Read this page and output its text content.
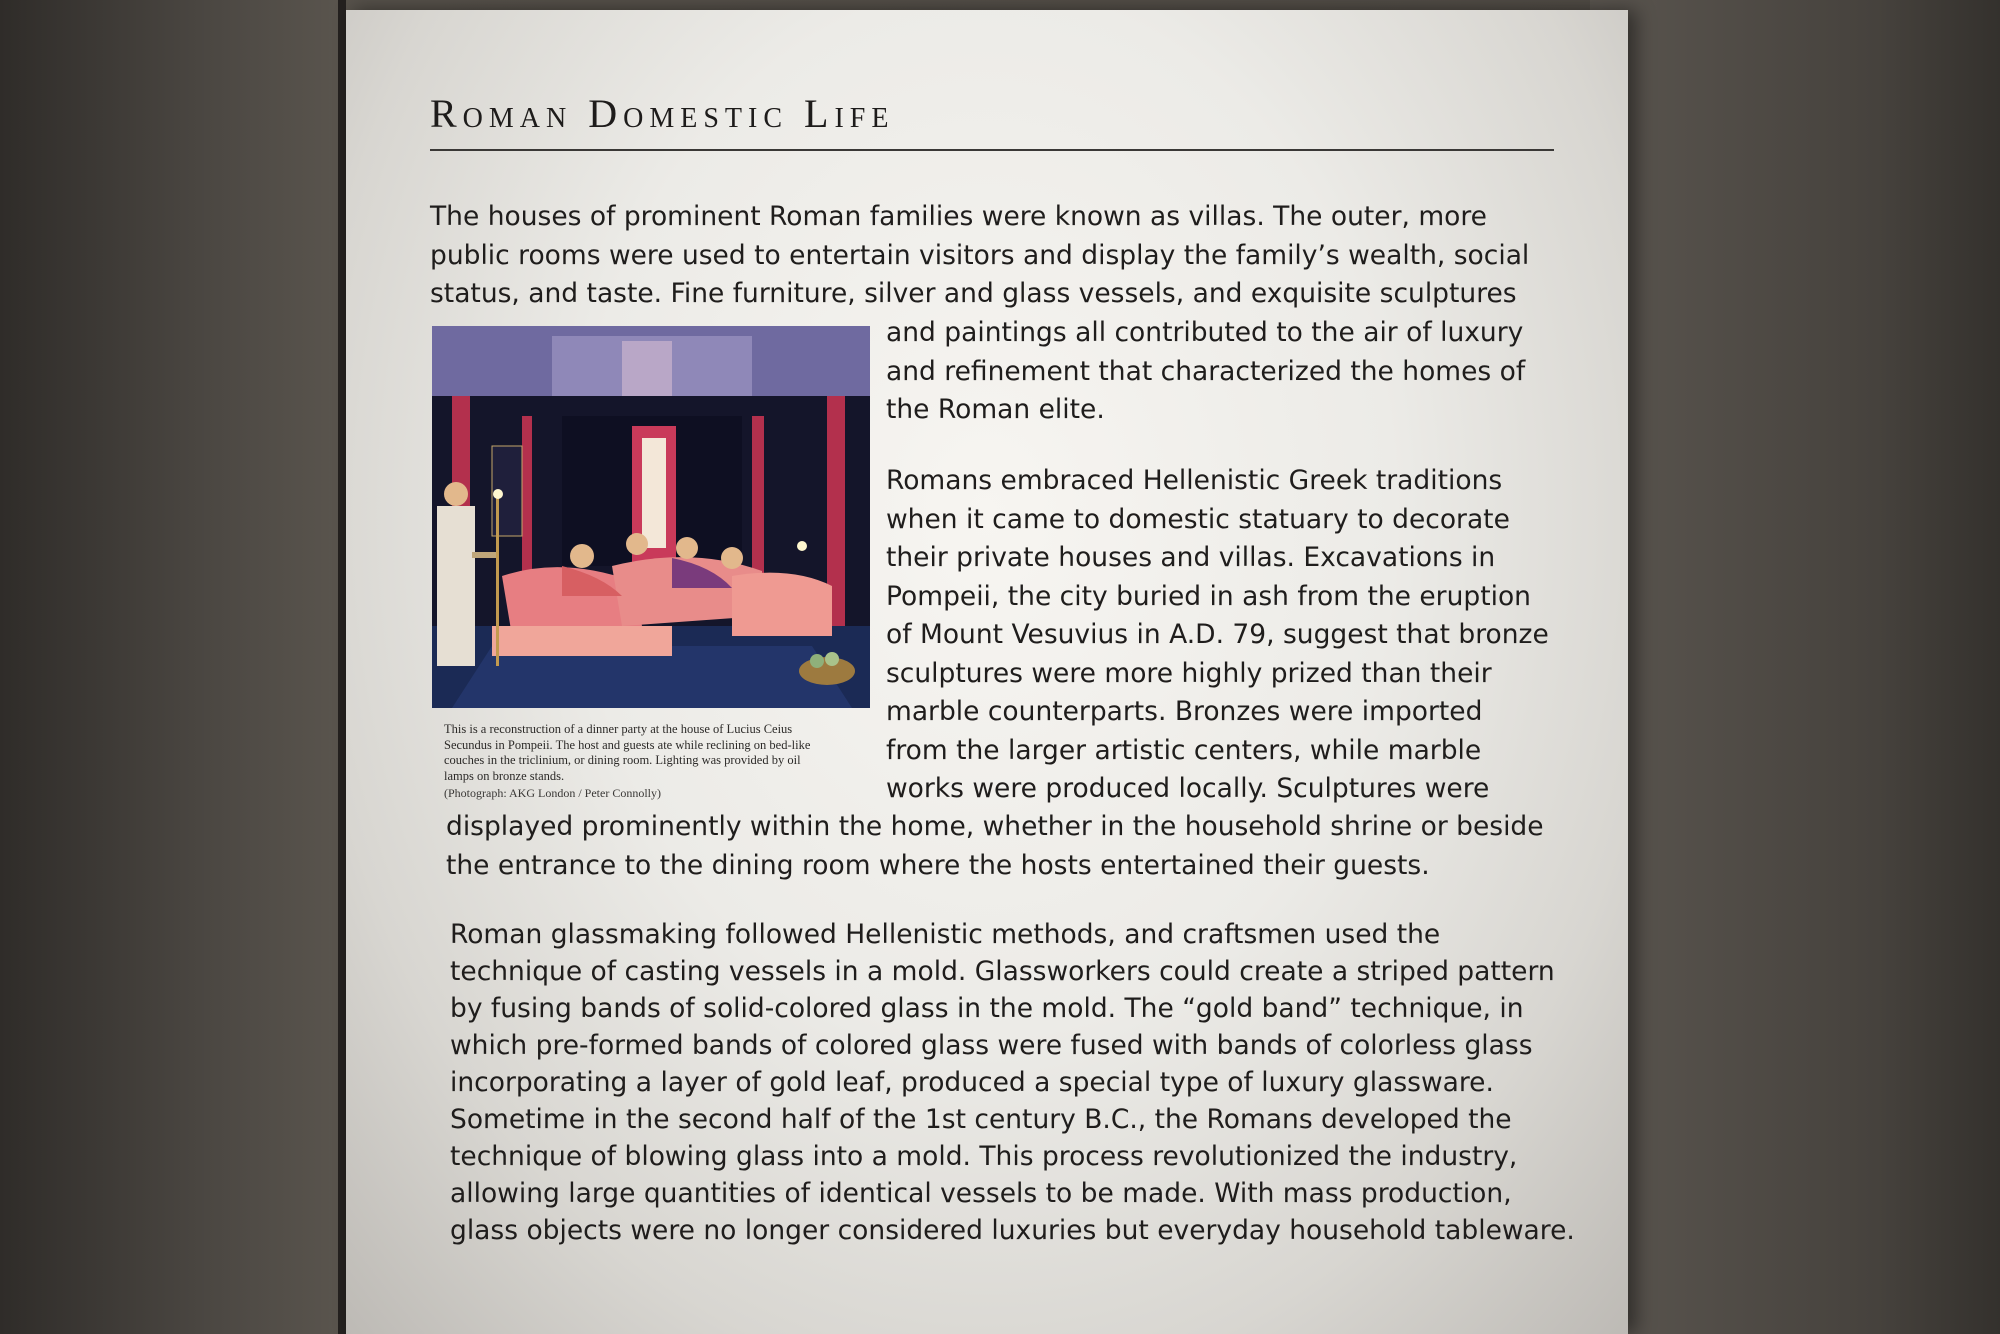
Roman Domestic Life

The houses of prominent Roman families were known as villas. The outer, more
public rooms were used to entertain visitors and display the family’s wealth, social
status, and taste. Fine furniture, silver and glass vessels, and exquisite sculptures

and paintings all contributed to the air of luxury
and refinement that characterized the homes of
the Roman elite.

Romans embraced Hellenistic Greek traditions
when it came to domestic statuary to decorate
their private houses and villas. Excavations in
Pompeii, the city buried in ash from the eruption
of Mount Vesuvius in A.D. 79, suggest that bronze
sculptures were more highly prized than their
marble counterparts. Bronzes were imported
from the larger artistic centers, while marble
works were produced locally. Sculptures were

displayed prominently within the home, whether in the household shrine or beside
the entrance to the dining room where the hosts entertained their guests.

Roman glassmaking followed Hellenistic methods, and craftsmen used the
technique of casting vessels in a mold. Glassworkers could create a striped pattern
by fusing bands of solid-colored glass in the mold. The “gold band” technique, in
which pre-formed bands of colored glass were fused with bands of colorless glass
incorporating a layer of gold leaf, produced a special type of luxury glassware.
Sometime in the second half of the 1st century B.C., the Romans developed the
technique of blowing glass into a mold. This process revolutionized the industry,
allowing large quantities of identical vessels to be made. With mass production,
glass objects were no longer considered luxuries but everyday household tableware.

This is a reconstruction of a dinner party at the house of Lucius Ceius
Secundus in Pompeii. The host and guests ate while reclining on bed-like
couches in the triclinium, or dining room. Lighting was provided by oil
lamps on bronze stands.

(Photograph: AKG London / Peter Connolly)
